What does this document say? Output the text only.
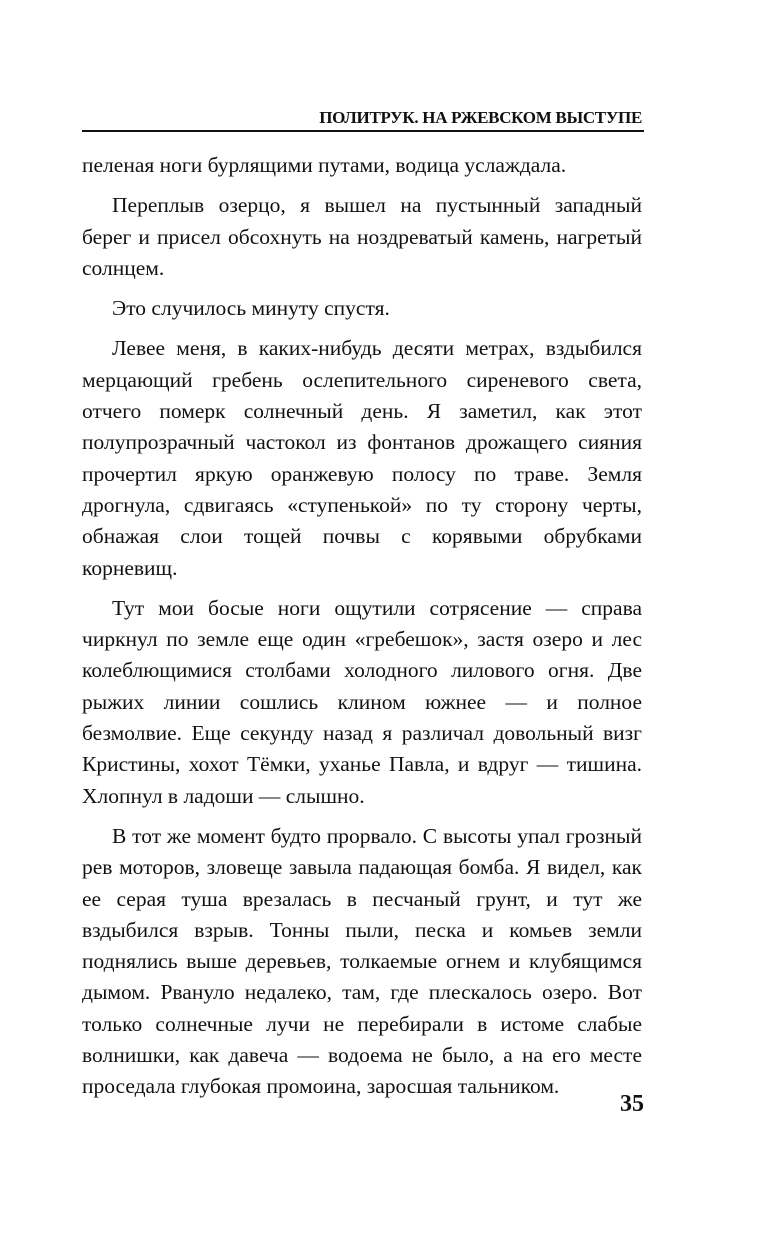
ПОЛИТРУК. НА РЖЕВСКОМ ВЫСТУПЕ

пеленая ноги бурлящими путами, водица услаждала.

Переплыв озерцо, я вышел на пустынный западный берег и присел обсохнуть на ноздреватый камень, нагретый солнцем.

Это случилось минуту спустя.

Левее меня, в каких-нибудь десяти метрах, вздыбился мерцающий гребень ослепительного сиреневого света, отчего померк солнечный день. Я заметил, как этот полупрозрачный частокол из фонтанов дрожащего сияния прочертил яркую оранжевую полосу по траве. Земля дрогнула, сдвигаясь «ступенькой» по ту сторону черты, обнажая слои тощей почвы с корявыми обрубками корневищ.

Тут мои босые ноги ощутили сотрясение — справа чиркнул по земле еще один «гребешок», застя озеро и лес колеблющимися столбами холодного лилового огня. Две рыжих линии сошлись клином южнее — и полное безмолвие. Еще секунду назад я различал довольный визг Кристины, хохот Тёмки, уханье Павла, и вдруг — тишина. Хлопнул в ладоши — слышно.

В тот же момент будто прорвало. С высоты упал грозный рев моторов, зловеще завыла падающая бомба. Я видел, как ее серая туша врезалась в песчаный грунт, и тут же вздыбился взрыв. Тонны пыли, песка и комьев земли поднялись выше деревьев, толкаемые огнем и клубящимся дымом. Рвануло недалеко, там, где плескалось озеро. Вот только солнечные лучи не перебирали в истоме слабые волнишки, как давеча — водоема не было, а на его месте проседала глубокая промоина, заросшая тальником.

35
